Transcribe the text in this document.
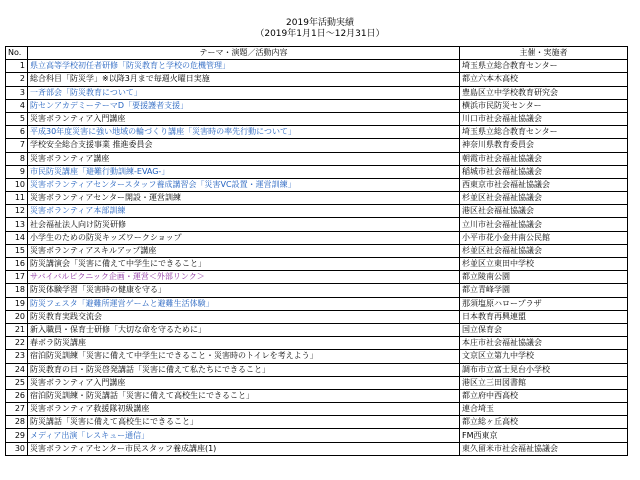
2019年活動実績
（2019年1月1日～12月31日）
No.	テーマ・演題／活動内容	主催・実施者
1	県立高等学校初任者研修「防災教育と学校の危機管理」	埼玉県立総合教育センター
2	総合科目「防災学」※以降3月まで毎週火曜日実施	都立六本木高校
3	一斉部会「防災教育について」	豊島区立中学校教育研究会
4	防センアカデミーテーマD「要援護者支援」	横浜市民防災センター
5	災害ボランティア入門講座	川口市社会福祉協議会
6	平成30年度災害に強い地域の輪づくり講座「災害時の率先行動について」	埼玉県立総合教育センター
7	学校安全総合支援事業 推進委員会	神奈川県教育委員会
8	災害ボランティア講座	朝霞市社会福祉協議会
9	市民防災講座「避難行動訓練-EVAG-」	稲城市社会福祉協議会
10	災害ボランティアセンタースタッフ養成講習会「災害VC設置・運営訓練」	西東京市社会福祉協議会
11	災害ボランティアセンター開設・運営訓練	杉並区社会福祉協議会
12	災害ボランティア本部訓練	港区社会福祉協議会
13	社会福祉法人向け防災研修	立川市社会福祉協議会
14	小学生のための防災キッズワークショップ	小平市花小金井南公民館
15	災害ボランティアスキルアップ講座	杉並区社会福祉協議会
16	防災講演会「災害に備えて中学生にできること」	杉並区立東田中学校
17	サバイバルピクニック企画・運営＜外部リンク＞	都立陵南公園
18	防災体験学習「災害時の健康を守る」	都立青峰学園
19	防災フェスタ「避難所運営ゲームと避難生活体験」	那須塩原ハロープラザ
20	防災教育実践交流会	日本教育再興連盟
21	新入職員・保育士研修「大切な命を守るために」	国立保育会
22	春ボラ防災講座	本庄市社会福祉協議会
23	宿泊防災訓練「災害に備えて中学生にできること・災害時のトイレを考えよう」	文京区立第九中学校
24	防災教育の日・防災啓発講話「災害に備えて私たちにできること」	調布市立富士見台小学校
25	災害ボランティア入門講座	港区立三田図書館
26	宿泊防災訓練・防災講話「災害に備えて高校生にできること」	都立府中西高校
27	災害ボランティア救援隊初級講座	連合埼玉
28	防災講話「災害に備えて高校生にできること」	都立総ヶ丘高校
29	メディア出演「レスキュー通信」	FM西東京
30	災害ボランティアセンター市民スタッフ養成講座(1)	東久留米市社会福祉協議会
